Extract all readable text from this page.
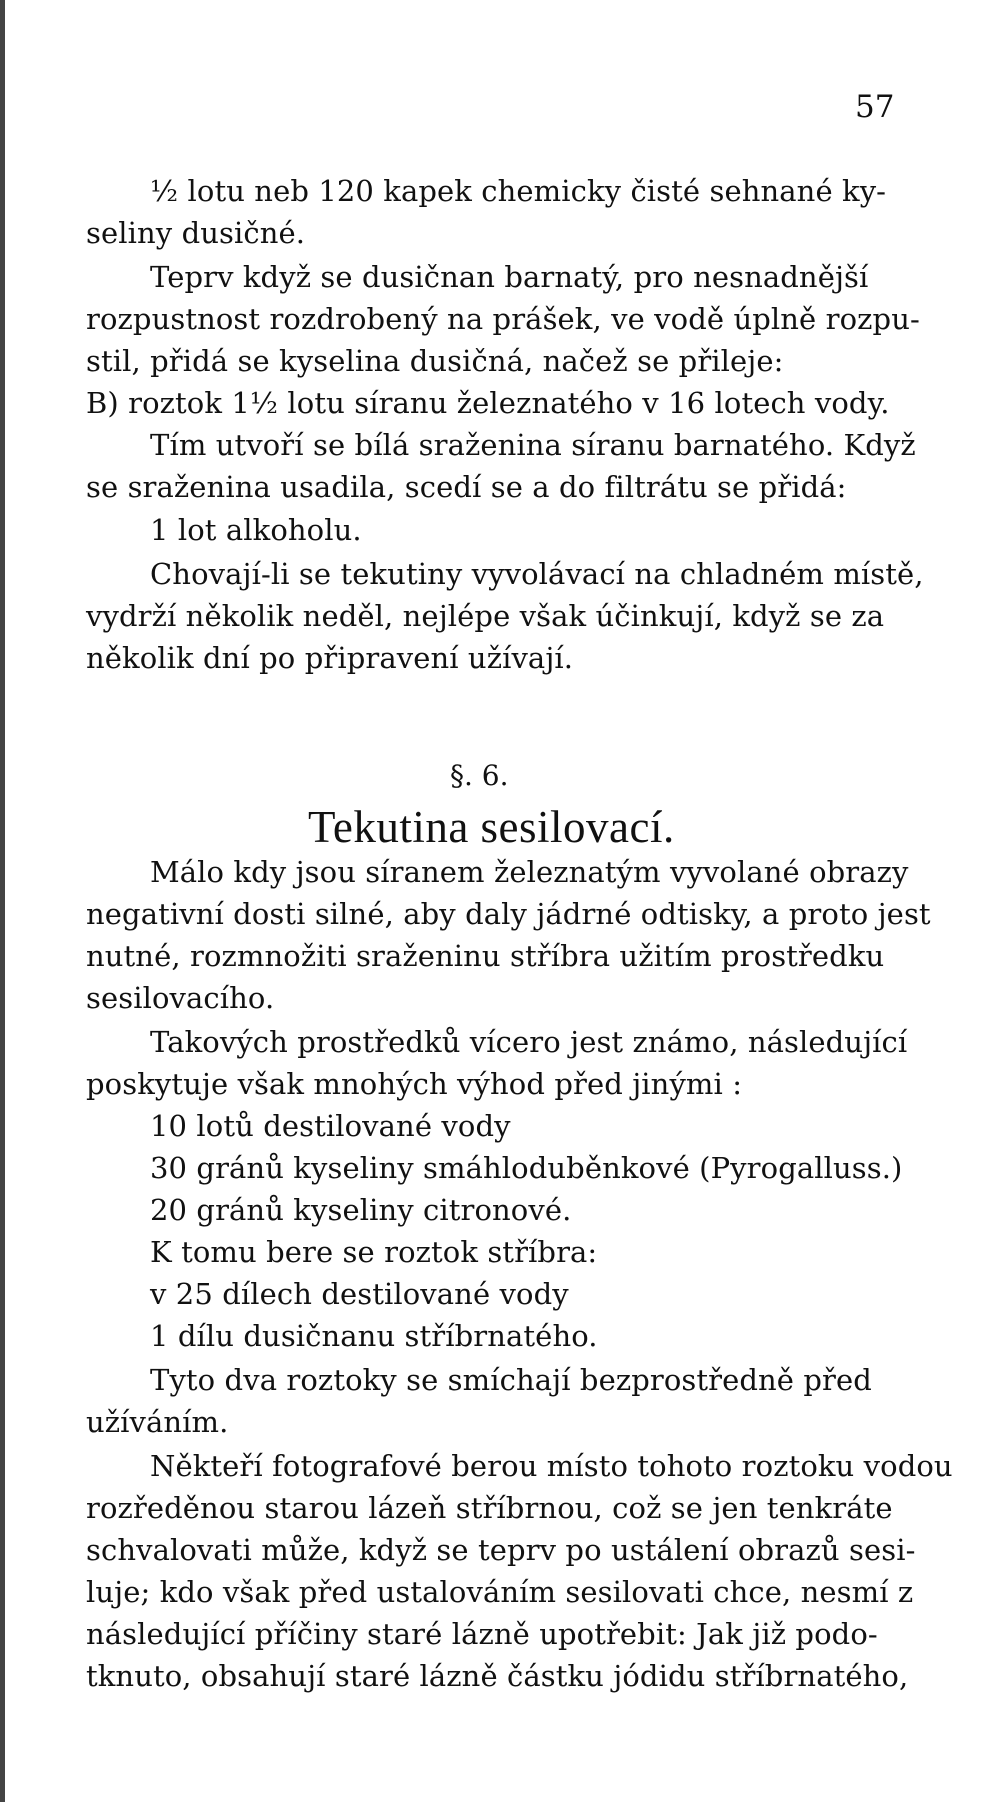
57
½ lotu neb 120 kapek chemicky čisté sehnané ky-
seliny dusičné.
Teprv když se dusičnan barnatý, pro nesnadnější
rozpustnost rozdrobený na prášek, ve vodě úplně rozpu-
stil, přidá se kyselina dusičná, načež se přileje:
B) roztok 1½ lotu síranu železnatého v 16 lotech vody.
Tím utvoří se bílá sraženina síranu barnatého. Když
se sraženina usadila, scedí se a do filtrátu se přidá:
1 lot alkoholu.
Chovají-li se tekutiny vyvolávací na chladném místě,
vydrží několik neděl, nejlépe však účinkují, když se za
několik dní po připravení užívají.
§. 6.
Tekutina sesilovací.
Málo kdy jsou síranem železnatým vyvolané obrazy
negativní dosti silné, aby daly jádrné odtisky, a proto jest
nutné, rozmnožiti sraženinu stříbra užitím prostředku
sesilovacího.
Takových prostředků vícero jest známo, následující
poskytuje však mnohých výhod před jinými :
10 lotů destilované vody
30 gránů kyseliny smáhloduběnkové (Pyrogalluss.)
20 gránů kyseliny citronové.
K tomu bere se roztok stříbra:
v 25 dílech destilované vody
1 dílu dusičnanu stříbrnatého.
Tyto dva roztoky se smíchají bezprostředně před
užíváním.
Někteří fotografové berou místo tohoto roztoku vodou
rozředěnou starou lázeň stříbrnou, což se jen tenkráte
schvalovati může, když se teprv po ustálení obrazů sesi-
luje; kdo však před ustalováním sesilovati chce, nesmí z
následující příčiny staré lázně upotřebit: Jak již podo-
tknuto, obsahují staré lázně částku jódidu stříbrnatého,
